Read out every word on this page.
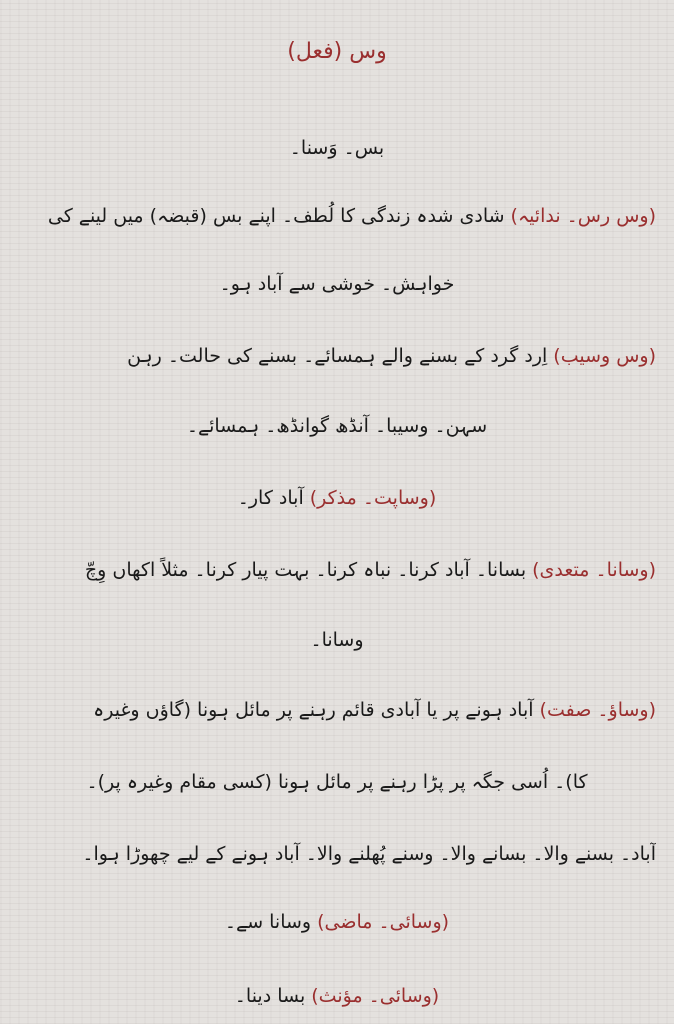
وس (فعل)
بس۔ وَسنا۔
(وس رس۔ ندائیہ)شادی شدہ زندگی کا لُطف۔ اپنے بس (قبضہ) میں لینے کی
خواہش۔ خوشی سے آباد ہو۔
(وس وسیب)اِرد گرد کے بسنے والے ہمسائے۔ بسنے کی حالت۔ رہن
سہن۔ وسیبا۔ آنڈھ گوانڈھ۔ ہمسائے۔
(وساپت۔ مذکر)آباد کار۔
(وسانا۔ متعدی)بسانا۔ آباد کرنا۔ نباہ کرنا۔ بہت پیار کرنا۔ مثلاً اکھاں وِچّ
وسانا۔
(وساؤ۔ صفت)آباد ہونے پر یا آبادی قائم رہنے پر مائل ہونا (گاؤں وغیرہ
کا)۔ اُسی جگہ پر پڑا رہنے پر مائل ہونا (کسی مقام وغیرہ پر)۔
آباد۔ بسنے والا۔ بسانے والا۔ وسنے پُھلنے والا۔ آباد ہونے کے لیے چھوڑا ہوا۔
(وسائی۔ ماضی)وسانا سے۔
(وسائی۔ مؤنث)بسا دینا۔
